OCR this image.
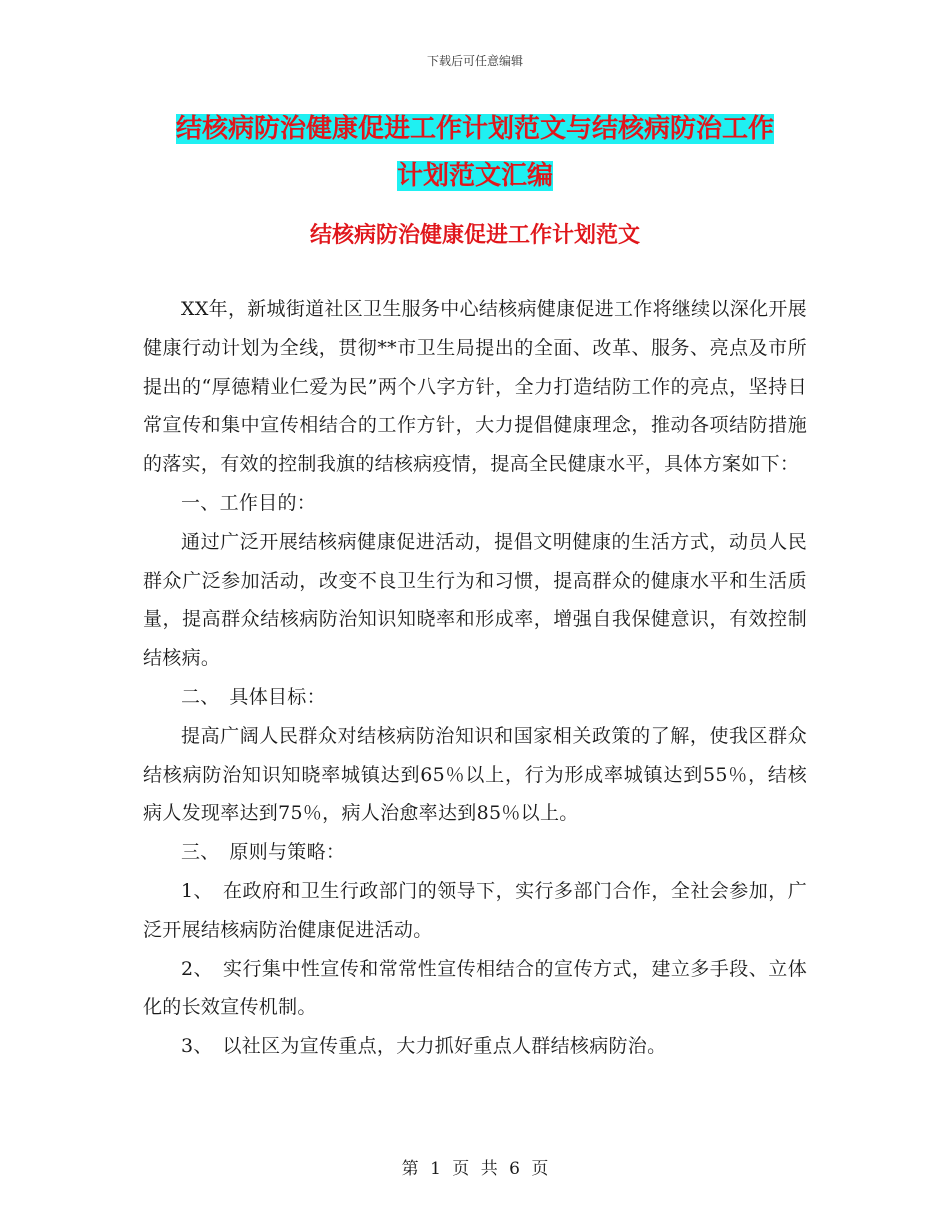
下载后可任意编辑
结核病防治健康促进工作计划范文与结核病防治工作
计划范文汇编
结核病防治健康促进工作计划范文

XX年，新城街道社区卫生服务中心结核病健康促进工作将继续以深化开展健康行动计划为全线，贯彻**市卫生局提出的全面、改革、服务、亮点及市所提出的“厚德精业仁爱为民”两个八字方针，全力打造结防工作的亮点，坚持日常宣传和集中宣传相结合的工作方针，大力提倡健康理念，推动各项结防措施的落实，有效的控制我旗的结核病疫情，提高全民健康水平，具体方案如下：

一、工作目的：

通过广泛开展结核病健康促进活动，提倡文明健康的生活方式，动员人民群众广泛参加活动，改变不良卫生行为和习惯，提高群众的健康水平和生活质量，提高群众结核病防治知识知晓率和形成率，增强自我保健意识，有效控制结核病。

二、　具体目标：

提高广阔人民群众对结核病防治知识和国家相关政策的了解，使我区群众结核病防治知识知晓率城镇达到65％以上，行为形成率城镇达到55％，结核病人发现率达到75％，病人治愈率达到85％以上。

三、　原则与策略：

1、　在政府和卫生行政部门的领导下，实行多部门合作，全社会参加，广泛开展结核病防治健康促进活动。

2、　实行集中性宣传和常常性宣传相结合的宣传方式，建立多手段、立体化的长效宣传机制。

3、　以社区为宣传重点，大力抓好重点人群结核病防治。

第 1 页 共 6 页
